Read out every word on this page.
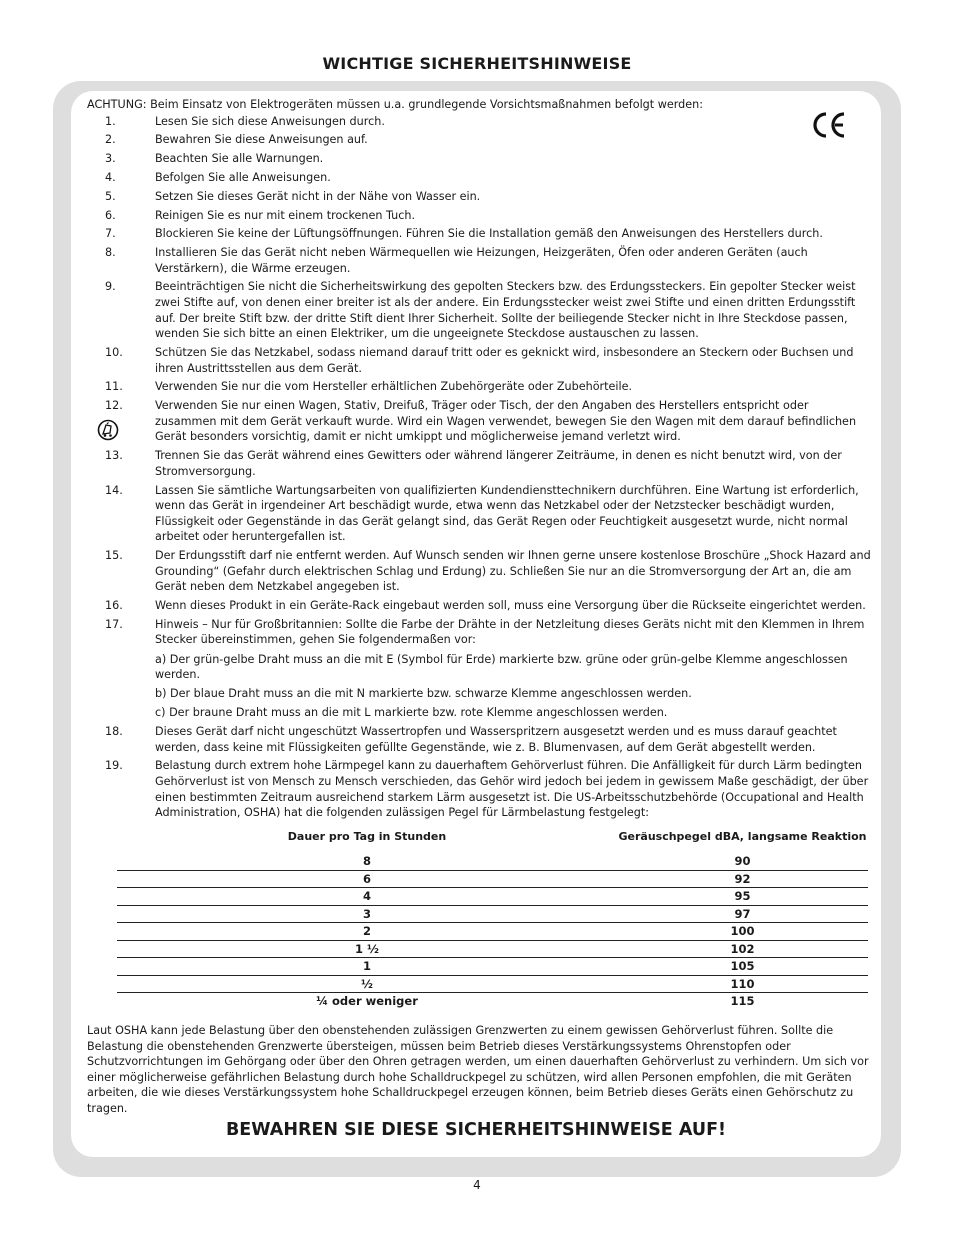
WICHTIGE SICHERHEITSHINWEISE

ACHTUNG: Beim Einsatz von Elektrogeräten müssen u.a. grundlegende Vorsichtsmaßnahmen befolgt werden:

1.	Lesen Sie sich diese Anweisungen durch.
2.	Bewahren Sie diese Anweisungen auf.
3.	Beachten Sie alle Warnungen.
4.	Befolgen Sie alle Anweisungen.
5.	Setzen Sie dieses Gerät nicht in der Nähe von Wasser ein.
6.	Reinigen Sie es nur mit einem trockenen Tuch.
7.	Blockieren Sie keine der Lüftungsöffnungen. Führen Sie die Installation gemäß den Anweisungen des Herstellers durch.
8.	Installieren Sie das Gerät nicht neben Wärmequellen wie Heizungen, Heizgeräten, Öfen oder anderen Geräten (auch Verstärkern), die Wärme erzeugen.
9.	Beeinträchtigen Sie nicht die Sicherheitswirkung des gepolten Steckers bzw. des Erdungssteckers. Ein gepolter Stecker weist zwei Stifte auf, von denen einer breiter ist als der andere. Ein Erdungsstecker weist zwei Stifte und einen dritten Erdungsstift auf. Der breite Stift bzw. der dritte Stift dient Ihrer Sicherheit. Sollte der beiliegende Stecker nicht in Ihre Steckdose passen, wenden Sie sich bitte an einen Elektriker, um die ungeeignete Steckdose austauschen zu lassen.
10.	Schützen Sie das Netzkabel, sodass niemand darauf tritt oder es geknickt wird, insbesondere an Steckern oder Buchsen und ihren Austrittsstellen aus dem Gerät.
11.	Verwenden Sie nur die vom Hersteller erhältlichen Zubehörgeräte oder Zubehörteile.
12.	Verwenden Sie nur einen Wagen, Stativ, Dreifuß, Träger oder Tisch, der den Angaben des Herstellers entspricht oder zusammen mit dem Gerät verkauft wurde. Wird ein Wagen verwendet, bewegen Sie den Wagen mit dem darauf befindlichen Gerät besonders vorsichtig, damit er nicht umkippt und möglicherweise jemand verletzt wird.
13.	Trennen Sie das Gerät während eines Gewitters oder während längerer Zeiträume, in denen es nicht benutzt wird, von der Stromversorgung.
14.	Lassen Sie sämtliche Wartungsarbeiten von qualifizierten Kundendiensttechnikern durchführen. Eine Wartung ist erforderlich, wenn das Gerät in irgendeiner Art beschädigt wurde, etwa wenn das Netzkabel oder der Netzstecker beschädigt wurden, Flüssigkeit oder Gegenstände in das Gerät gelangt sind, das Gerät Regen oder Feuchtigkeit ausgesetzt wurde, nicht normal arbeitet oder heruntergefallen ist.
15.	Der Erdungsstift darf nie entfernt werden. Auf Wunsch senden wir Ihnen gerne unsere kostenlose Broschüre „Shock Hazard and Grounding“ (Gefahr durch elektrischen Schlag und Erdung) zu. Schließen Sie nur an die Stromversorgung der Art an, die am Gerät neben dem Netzkabel angegeben ist.
16.	Wenn dieses Produkt in ein Geräte-Rack eingebaut werden soll, muss eine Versorgung über die Rückseite eingerichtet werden.
17.	Hinweis – Nur für Großbritannien: Sollte die Farbe der Drähte in der Netzleitung dieses Geräts nicht mit den Klemmen in Ihrem Stecker übereinstimmen, gehen Sie folgendermaßen vor:
a) Der grün-gelbe Draht muss an die mit E (Symbol für Erde) markierte bzw. grüne oder grün-gelbe Klemme angeschlossen werden.
b) Der blaue Draht muss an die mit N markierte bzw. schwarze Klemme angeschlossen werden.
c) Der braune Draht muss an die mit L markierte bzw. rote Klemme angeschlossen werden.
18.	Dieses Gerät darf nicht ungeschützt Wassertropfen und Wasserspritzern ausgesetzt werden und es muss darauf geachtet werden, dass keine mit Flüssigkeiten gefüllte Gegenstände, wie z. B. Blumenvasen, auf dem Gerät abgestellt werden.
19.	Belastung durch extrem hohe Lärmpegel kann zu dauerhaftem Gehörverlust führen. Die Anfälligkeit für durch Lärm bedingten Gehörverlust ist von Mensch zu Mensch verschieden, das Gehör wird jedoch bei jedem in gewissem Maße geschädigt, der über einen bestimmten Zeitraum ausreichend starkem Lärm ausgesetzt ist. Die US-Arbeitsschutzbehörde (Occupational and Health Administration, OSHA) hat die folgenden zulässigen Pegel für Lärmbelastung festgelegt:
Dauer pro Tag in Stunden	Geräuschpegel dBA, langsame Reaktion
8	90
6	92
4	95
3	97
2	100
1 ½	102
1	105
½	110
¼ oder weniger	115

Laut OSHA kann jede Belastung über den obenstehenden zulässigen Grenzwerten zu einem gewissen Gehörverlust führen. Sollte die Belastung die obenstehenden Grenzwerte übersteigen, müssen beim Betrieb dieses Verstärkungssystems Ohrenstopfen oder Schutzvorrichtungen im Gehörgang oder über den Ohren getragen werden, um einen dauerhaften Gehörverlust zu verhindern. Um sich vor einer möglicherweise gefährlichen Belastung durch hohe Schalldruckpegel zu schützen, wird allen Personen empfohlen, die mit Geräten arbeiten, die wie dieses Verstärkungssystem hohe Schalldruckpegel erzeugen können, beim Betrieb dieses Geräts einen Gehörschutz zu tragen.

BEWAHREN SIE DIESE SICHERHEITSHINWEISE AUF!
4
